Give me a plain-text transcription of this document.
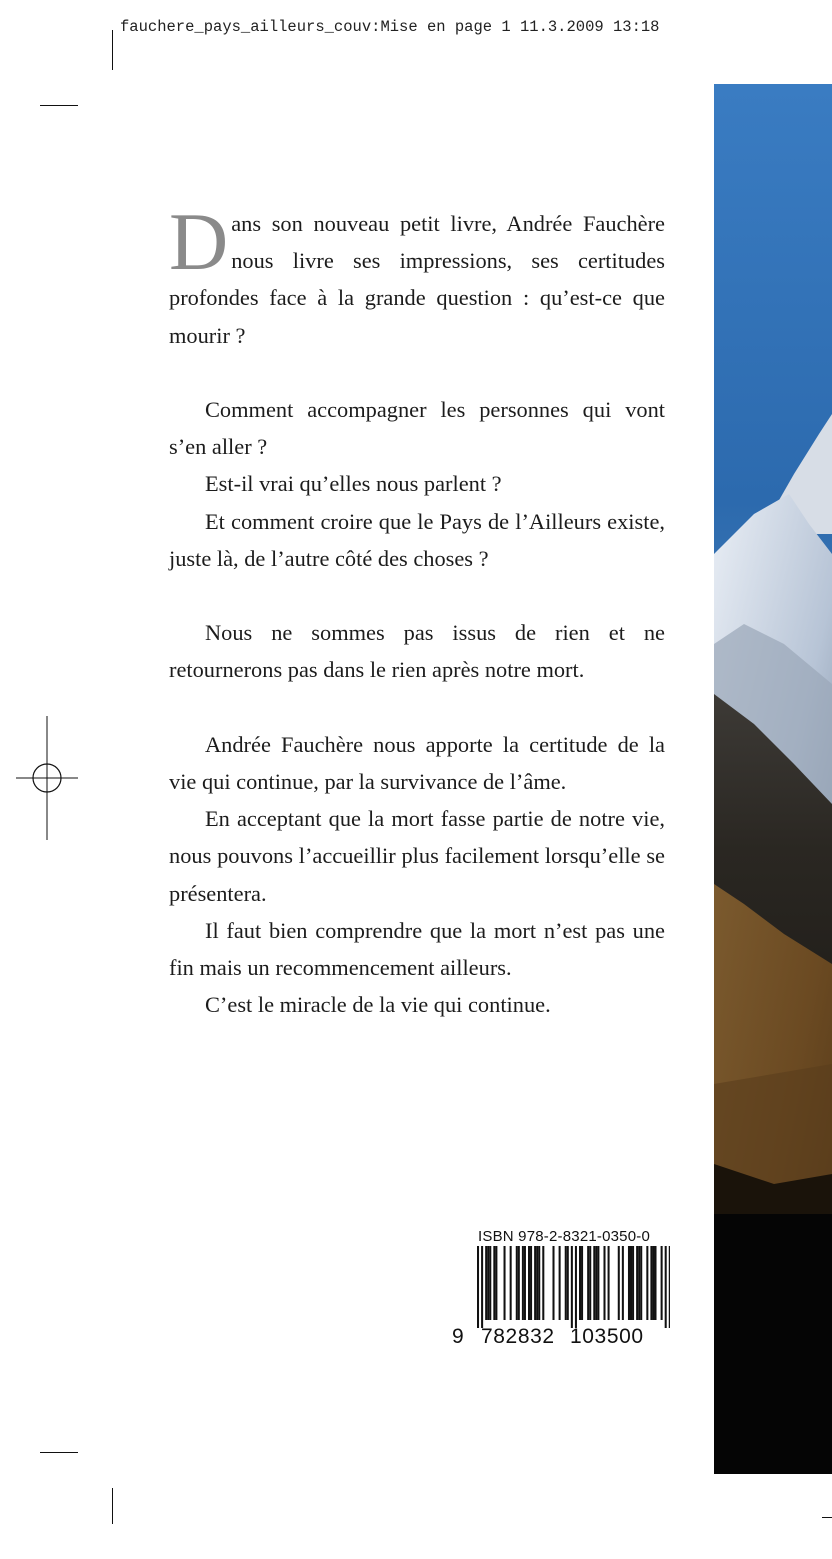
fauchere_pays_ailleurs_couv:Mise en page 1 11.3.2009 13:18

Dans son nouveau petit livre, Andrée Fauchère nous livre ses impressions, ses certitudes profondes face à la grande question : qu’est-ce que mourir ?

Comment accompagner les personnes qui vont s’en aller ?

Est-il vrai qu’elles nous parlent ?

Et comment croire que le Pays de l’Ailleurs existe, juste là, de l’autre côté des choses ?

Nous ne sommes pas issus de rien et ne retournerons pas dans le rien après notre mort.

Andrée Fauchère nous apporte la certitude de la vie qui continue, par la survivance de l’âme.

En acceptant que la mort fasse partie de notre vie, nous pouvons l’accueillir plus facilement lorsqu’elle se présentera.

Il faut bien comprendre que la mort n’est pas une fin mais un recommencement ailleurs.

C’est le miracle de la vie qui continue.

ISBN 978-2-8321-0350-0
9 782832 103500
